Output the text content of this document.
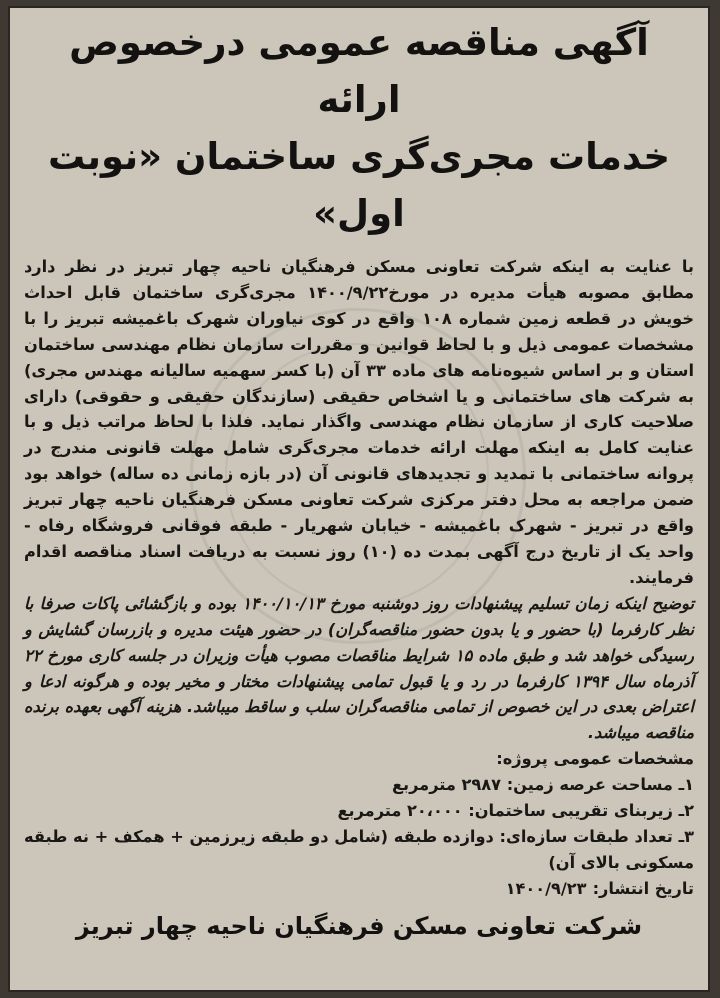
آگهی مناقصه عمومی درخصوص ارائه
خدمات مجری‌گری ساختمان «نوبت اول»

با عنایت به اینکه شرکت تعاونی مسکن فرهنگیان ناحیه چهار تبریز در نظر دارد مطابق مصوبه هیأت مدیره در مورخ۱۴۰۰/۹/۲۲ مجری‌گری ساختمان قابل احداث خویش در قطعه زمین شماره ۱۰۸ واقع در کوی نیاوران شهرک باغمیشه تبریز را با مشخصات عمومی ذیل و با لحاظ قوانین و مقررات سازمان نظام مهندسی ساختمان استان و بر اساس شیوه‌نامه های ماده ۳۳ آن (با کسر سهمیه سالیانه مهندس مجری) به شرکت های ساختمانی و یا اشخاص حقیقی (سازندگان حقیقی و حقوقی) دارای صلاحیت کاری از سازمان نظام مهندسی واگذار نماید. فلذا با لحاظ مراتب ذیل و با عنایت کامل به اینکه مهلت ارائه خدمات مجری‌گری شامل مهلت قانونی مندرج در پروانه ساختمانی با تمدید و تجدیدهای قانونی آن (در بازه زمانی ده ساله) خواهد بود ضمن مراجعه به محل دفتر مرکزی شرکت تعاونی مسکن فرهنگیان ناحیه چهار تبریز واقع در تبریز - شهرک باغمیشه - خیابان شهریار - طبقه فوقانی فروشگاه رفاه - واحد یک از تاریخ درج آگهی بمدت ده (۱۰) روز نسبت به دریافت اسناد مناقصه اقدام فرمایند.

توضیح اینکه زمان تسلیم پیشنهادات روز دوشنبه مورخ ۱۴۰۰/۱۰/۱۳ بوده و بازگشائی پاکات صرفا با نظر کارفرما (با حضور و یا بدون حضور مناقصه‌گران) در حضور هیئت مدیره و بازرسان گشایش و رسیدگی خواهد شد و طبق ماده ۱۵ شرایط مناقصات مصوب هیأت وزیران در جلسه کاری مورخ ۲۲ آذرماه سال ۱۳۹۴ کارفرما در رد و یا قبول تمامی پیشنهادات مختار و مخیر بوده و هرگونه ادعا و اعتراض بعدی در این خصوص از تمامی مناقصه‌گران سلب و ساقط میباشد. هزینه آگهی بعهده برنده مناقصه میباشد.

مشخصات عمومی پروژه:

۱ـ مساحت عرصه زمین: ۲۹۸۷ مترمربع
۲ـ زیربنای تقریبی ساختمان: ۲۰،۰۰۰ مترمربع
۳ـ تعداد طبقات سازه‌ای: دوازده طبقه (شامل دو طبقه زیرزمین + همکف + نه طبقه مسکونی بالای آن)

تاریخ انتشار:۱۴۰۰/۹/۲۳

شرکت تعاونی مسکن فرهنگیان ناحیه چهار تبریز
